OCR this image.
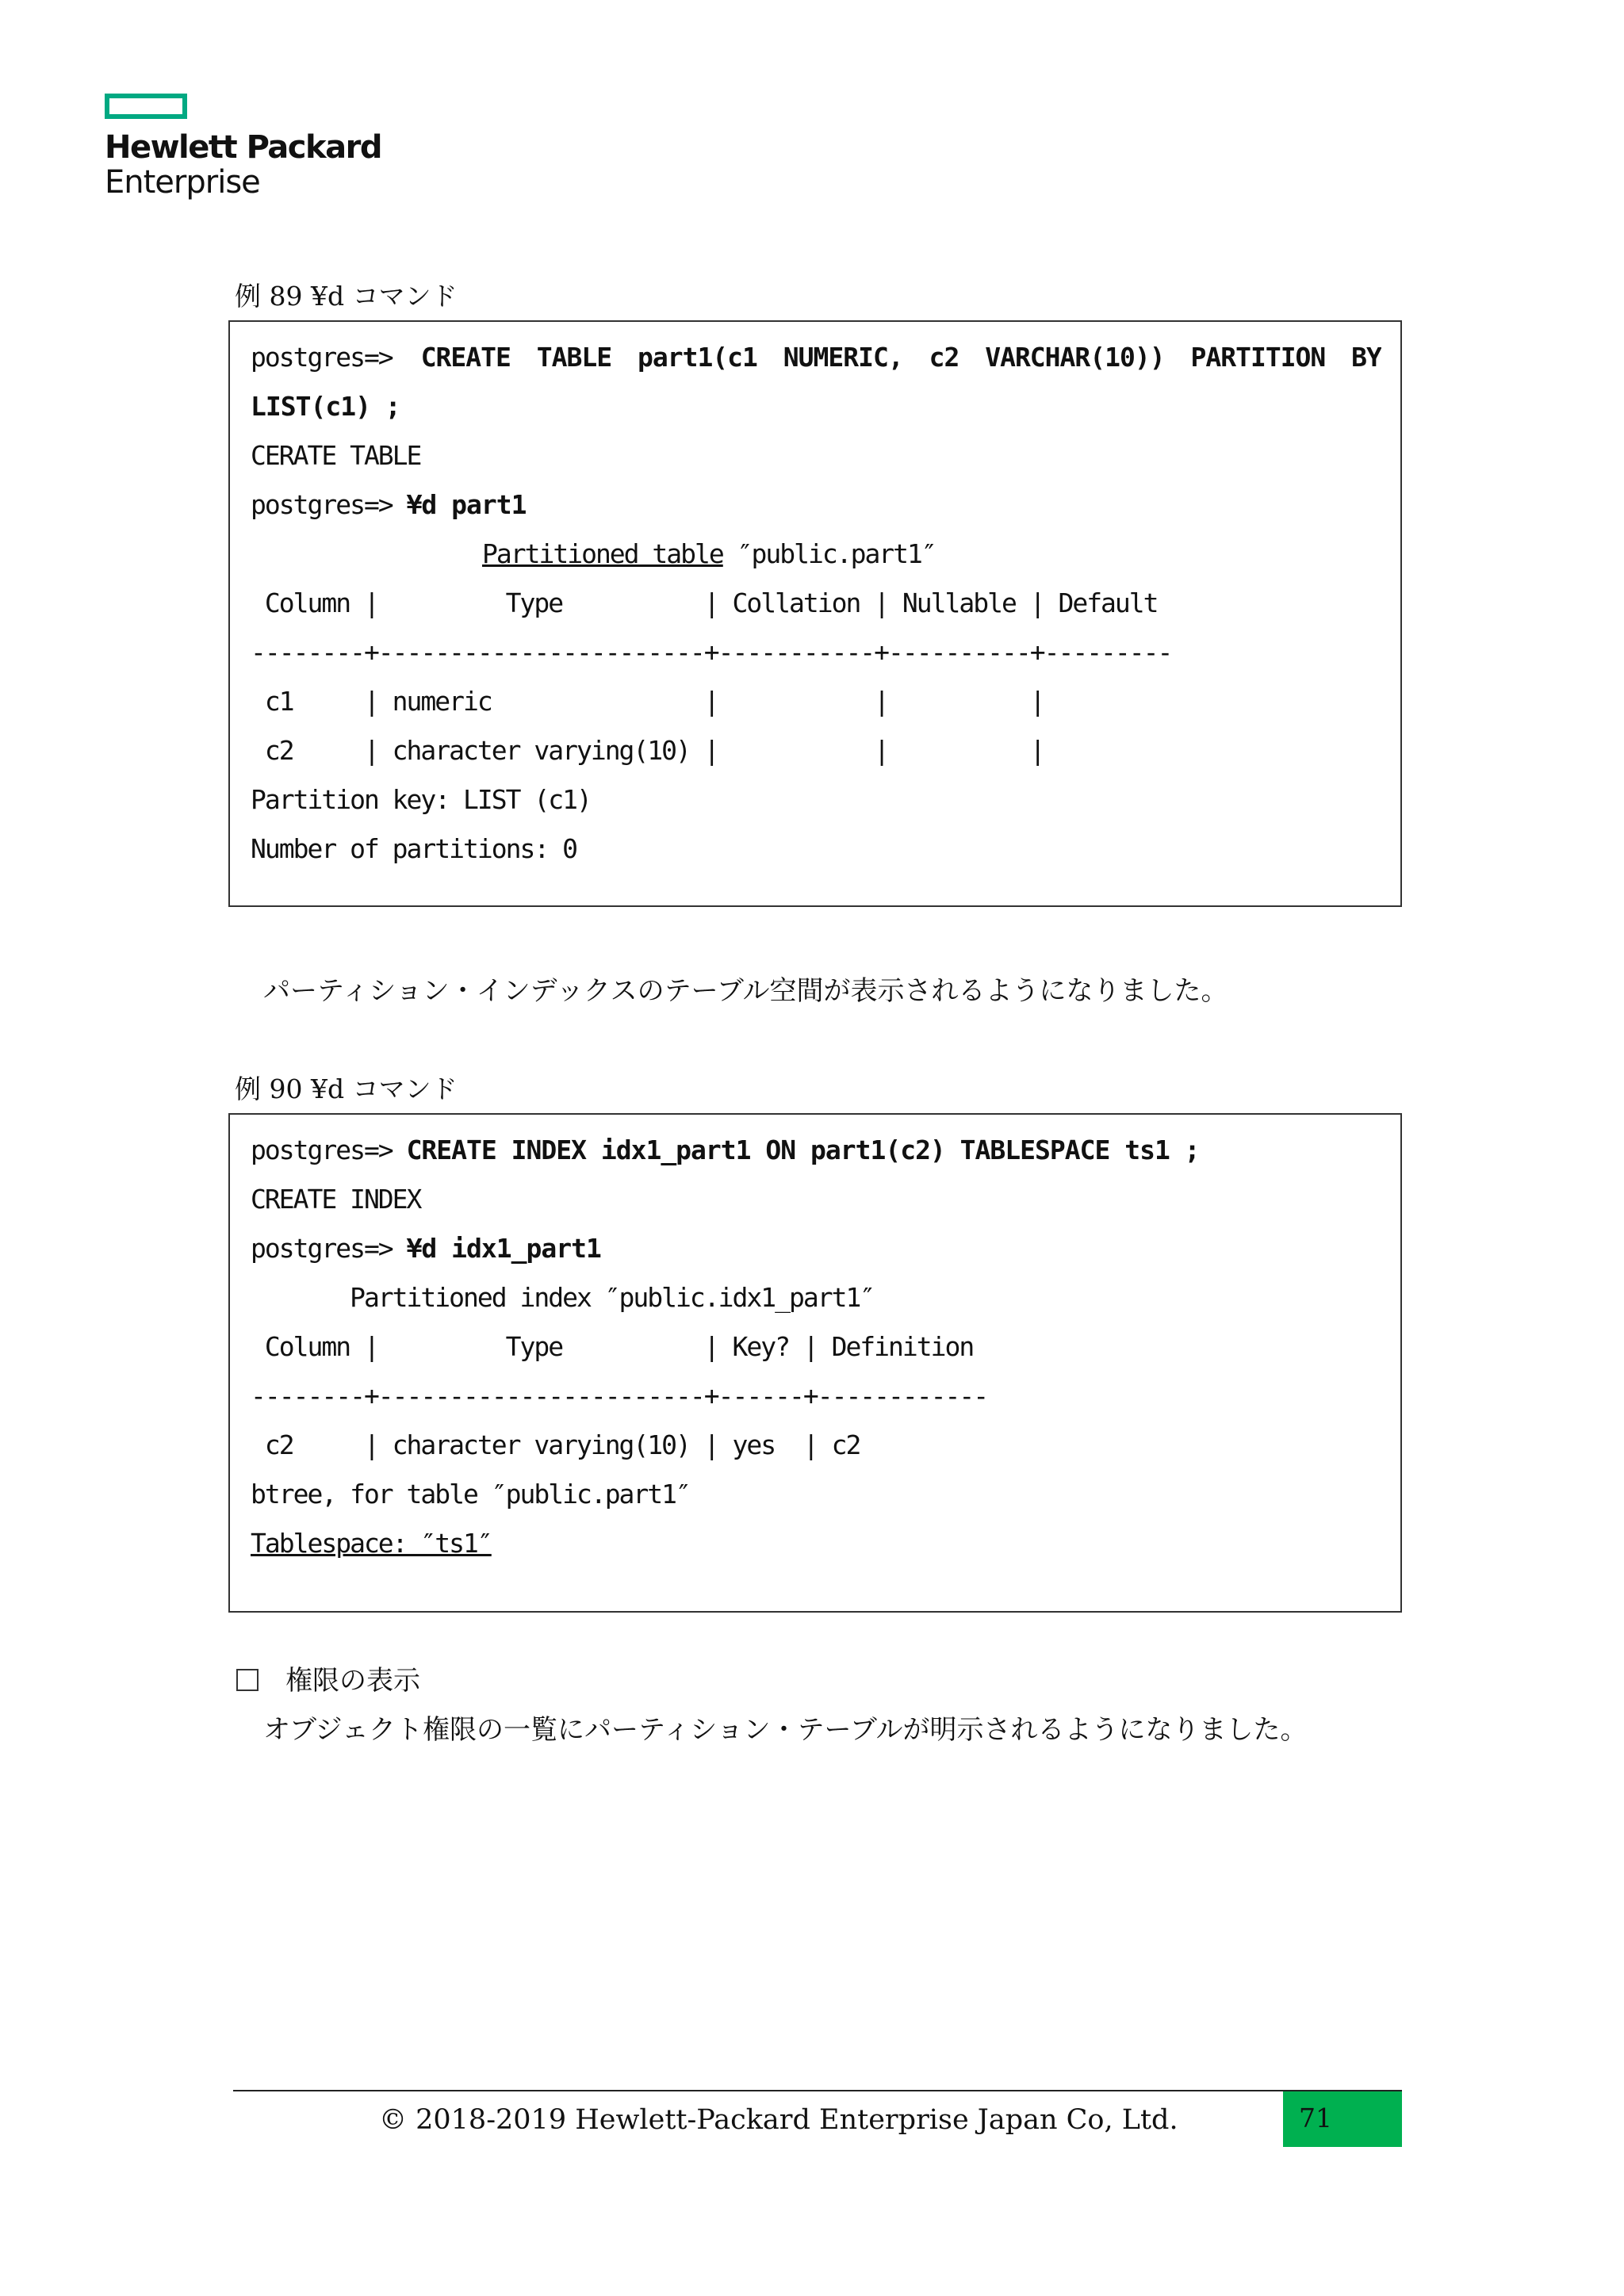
Hewlett Packard
Enterprise
例 89 ¥d コマンド
postgres=> CREATE TABLE part1(c1 NUMERIC, c2 VARCHAR(10)) PARTITION BY
LIST(c1) ;
CERATE TABLE
postgres=> ¥d part1
Partitioned table ″public.part1″
Column |         Type          | Collation | Nullable | Default
--------+-----------------------+-----------+----------+---------
c1     | numeric               |           |          |
c2     | character varying(10) |           |          |
Partition key: LIST (c1)
Number of partitions: 0
パーティション・インデックスのテーブル空間が表示されるようになりました。
例 90 ¥d コマンド
postgres=> CREATE INDEX idx1_part1 ON part1(c2) TABLESPACE ts1 ;
CREATE INDEX
postgres=> ¥d idx1_part1
Partitioned index ″public.idx1_part1″
Column |         Type          | Key? | Definition
--------+-----------------------+------+------------
c2     | character varying(10) | yes  | c2
btree, for table ″public.part1″
Tablespace: ″ts1″
権限の表示
オブジェクト権限の一覧にパーティション・テーブルが明示されるようになりました。
© 2018-2019 Hewlett-Packard Enterprise Japan Co, Ltd.	71
